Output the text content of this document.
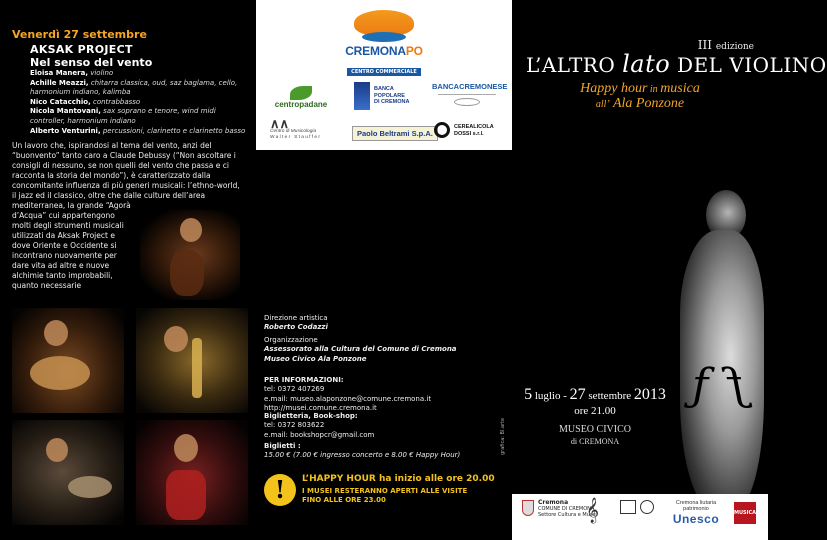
Venerdì 27 settembre
AKSAK PROJECT
Nel senso del vento
Eloisa Manera, violino
Achille Meazzi, chitarra classica, oud, saz baglama, cello, harmonium indiano, kalimba
Nico Catacchio, contrabbasso
Nicola Mantovani, sax soprano e tenore, wind midi controller, harmonium indiano
Alberto Venturini, percussioni, clarinetto e clarinetto basso
Un lavoro che, ispirandosi al tema del vento, anzi del “buonvento” tanto caro a Claude Debussy (“Non ascoltare i consigli di nessuno, se non quelli del vento che passa e ci racconta la storia del mondo”), è caratterizzato dalla concomitante influenza di più generi musicali: l’ethno-world, il jazz ed il classico, oltre che dalle culture dell’area mediterranea, la grande “Agorà
d’Acqua” cui appartengono
molti degli strumenti musicali
utilizzati da Aksak Project e
dove Oriente e Occidente si
incontrano nuovamente per
dare vita ad altre e nuove
alchimie tanto improbabili,
quanto necessarie
CREMONAPO
CENTRO COMMERCIALE
centropadane
BANCA
POPOLARE
DI CREMONA
BANCACREMONESE
∧∧
Centro di Musicologia
Walter Stauffer	Paolo Beltrami S.p.A.
CEREALICOLA
DOSSI s.r.l.
Direzione artistica
Roberto Codazzi
Organizzazione
Assessorato alla Cultura del Comune di Cremona
Museo Civico Ala Ponzone
PER INFORMAZIONI:
tel: 0372 407269
e.mail: museo.alaponzone@comune.cremona.it
http://musei.comune.cremona.it
Biglietteria, Book-shop:
tel: 0372 803622
e.mail: bookshopcr@gmail.com
Biglietti :
15.00 € (7.00 € ingresso concerto e 8.00 € Happy Hour)
!	L’HAPPY HOUR ha inizio alle ore 20.00
I MUSEI RESTERANNO APERTI ALLE VISITE
FINO ALLE ORE 23.00
grafica: Bl.arte
III edizione
L’ALTRO lato DEL VIOLINO
Happy hour in musica
all’ Ala Ponzone
ƒ ƒ
5 luglio - 27 settembre 2013
ore 21.00
MUSEO CIVICO
di CREMONA
Cremona
COMUNE DI CREMONA
Settore Cultura e Musei
𝄞	Cremona liutaria
patrimonio
Unesco	MUSICA
